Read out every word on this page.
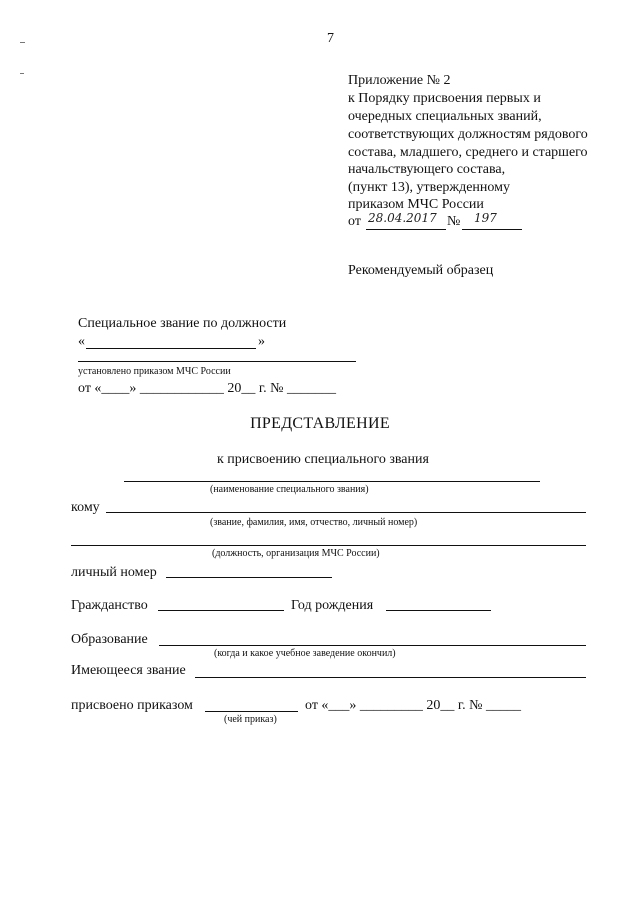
7
Приложение № 2
к Порядку присвоения первых и
очередных специальных званий,
соответствующих должностям рядового
состава, младшего, среднего и старшего
начальствующего состава,
(пункт 13), утвержденному
приказом МЧС России
от 28.04.2017 № 197
Рекомендуемый образец
Специальное звание по должности
«	»
установлено приказом МЧС России
от «____» ____________ 20__ г. № _______
ПРЕДСТАВЛЕНИЕ
к присвоению специального звания
(наименование специального звания)
кому
(звание, фамилия, имя, отчество, личный номер)
(должность, организация МЧС России)
личный номер
Гражданство	Год рождения
Образование
(когда и какое учебное заведение окончил)
Имеющееся звание
присвоено приказом	от «___» _________ 20__ г. № _____
(чей приказ)
